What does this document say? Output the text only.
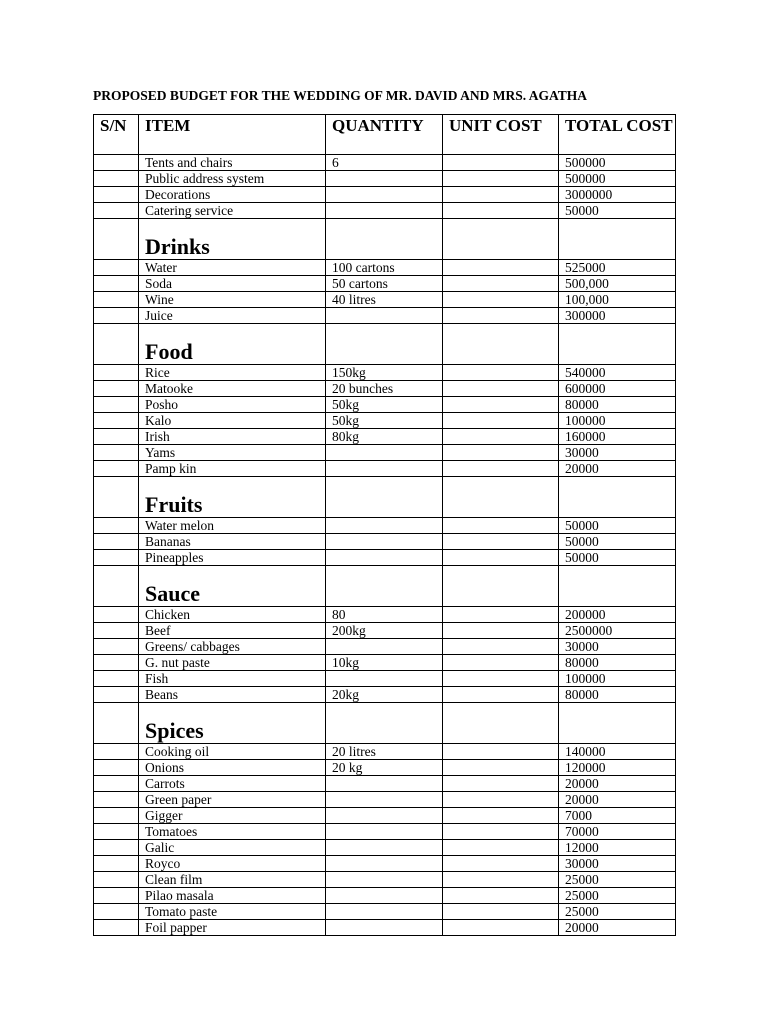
PROPOSED BUDGET FOR THE WEDDING OF MR. DAVID AND MRS. AGATHA
S/N	ITEM	QUANTITY	UNIT COST	TOTAL COST
	Tents and chairs	6		500000
	Public address system			500000
	Decorations			3000000
	Catering service			50000
	Drinks			
	Water	100 cartons		525000
	Soda	50 cartons		500,000
	Wine	40 litres		100,000
	Juice			300000
	Food			
	Rice	150kg		540000
	Matooke	20 bunches		600000
	Posho	50kg		80000
	Kalo	50kg		100000
	Irish	80kg		160000
	Yams			30000
	Pamp kin			20000
	Fruits			
	Water melon			50000
	Bananas			50000
	Pineapples			50000
	Sauce			
	Chicken	80		200000
	Beef	200kg		2500000
	Greens/ cabbages			30000
	G. nut paste	10kg		80000
	Fish			100000
	Beans	20kg		80000
	Spices			
	Cooking oil	20 litres		140000
	Onions	20 kg		120000
	Carrots			20000
	Green paper			20000
	Gigger			7000
	Tomatoes			70000
	Galic			12000
	Royco			30000
	Clean film			25000
	Pilao masala			25000
	Tomato paste			25000
	Foil papper			20000
